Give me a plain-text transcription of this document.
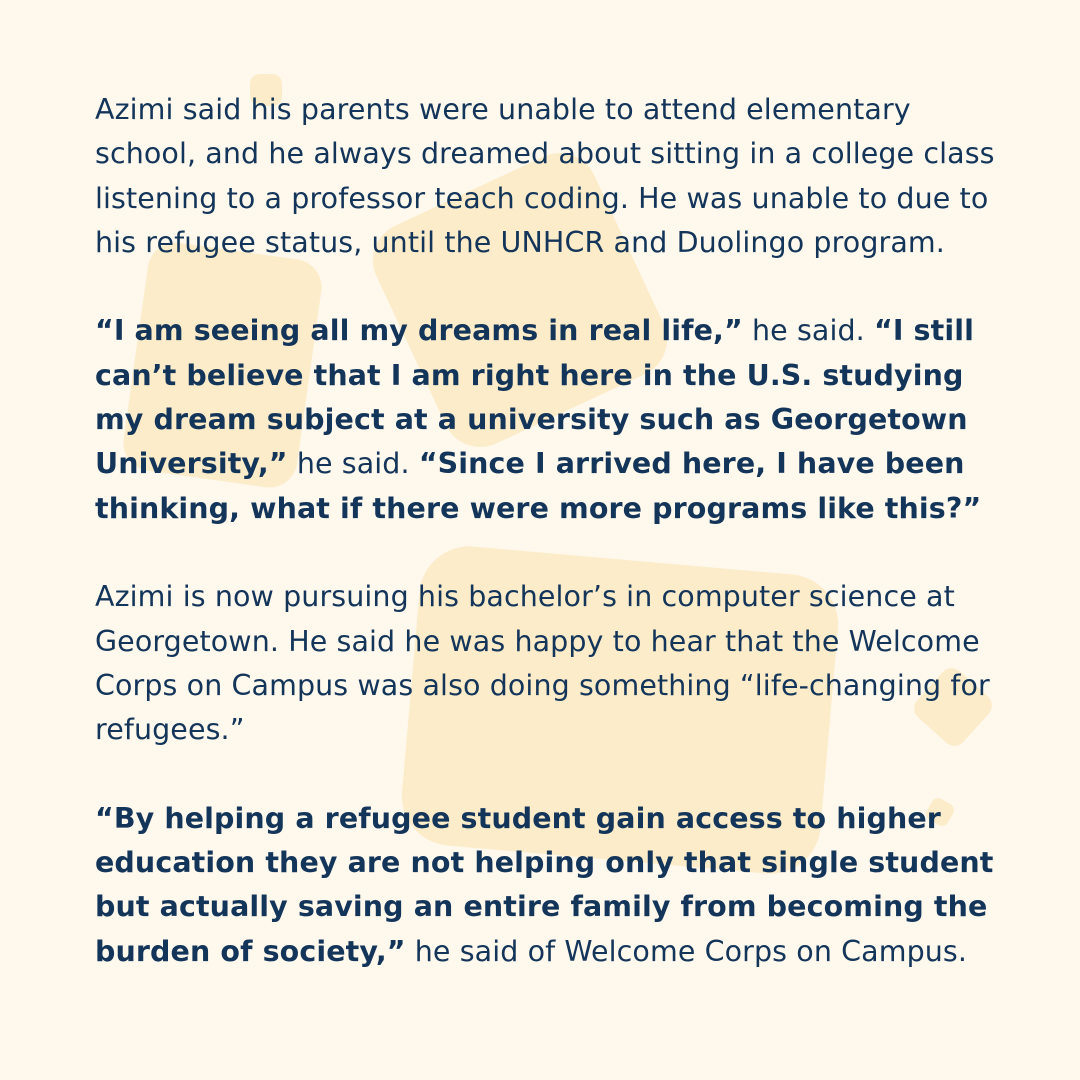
Azimi said his parents were unable to attend elementary school, and he always dreamed about sitting in a college class listening to a professor teach coding. He was unable to due to his refugee status, until the UNHCR and Duolingo program.

“I am seeing all my dreams in real life,” he said. “I still can’t believe that I am right here in the U.S. studying my dream subject at a university such as Georgetown University,” he said. “Since I arrived here, I have been thinking, what if there were more programs like this?”

Azimi is now pursuing his bachelor’s in computer science at Georgetown. He said he was happy to hear that the Welcome Corps on Campus was also doing something “life-changing for refugees.”

“By helping a refugee student gain access to higher education they are not helping only that single student but actually saving an entire family from becoming the burden of society,” he said of Welcome Corps on Campus.
